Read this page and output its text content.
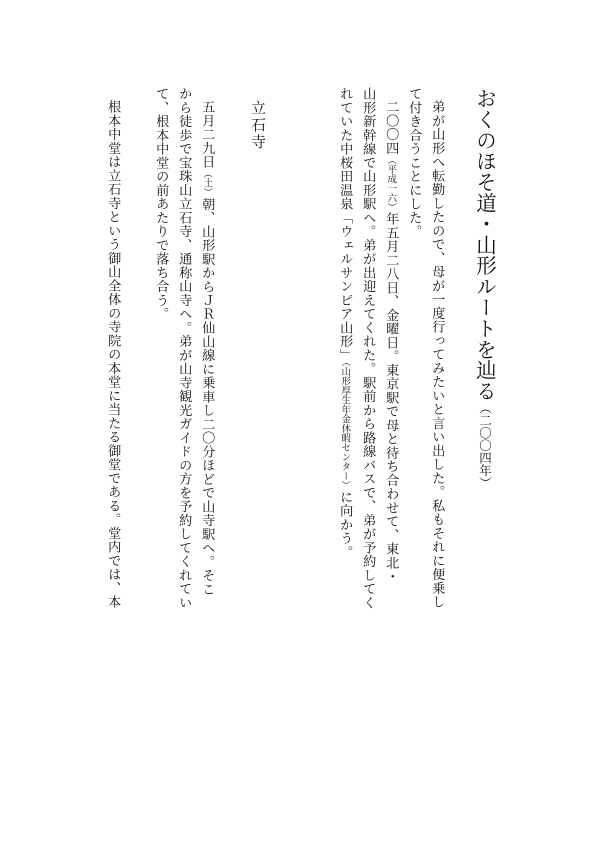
おくのほそ道・山形ルートを辿る（二〇〇四年）
弟が山形へ転勤したので、母が一度行ってみたいと言い出した。私もそれに便乗し
て付き合うことにした。
二〇〇四（平成一六）年五月二八日、金曜日。東京駅で母と待ち合わせて、東北・
山形新幹線で山形駅へ。弟が出迎えてくれた。駅前から路線バスで、弟が予約してく
れていた中桜田温泉「ウェルサンピア山形」（山形厚生年金休暇センター）に向かう。
立石寺
五月二九日（土）朝、山形駅からＪＲ仙山線に乗車し二〇分ほどで山寺駅へ。そこ
から徒歩で宝珠山立石寺、通称山寺へ。弟が山寺観光ガイドの方を予約してくれてい
て、根本中堂の前あたりで落ち合う。
根本中堂は立石寺という御山全体の寺院の本堂に当たる御堂である。堂内では、本
